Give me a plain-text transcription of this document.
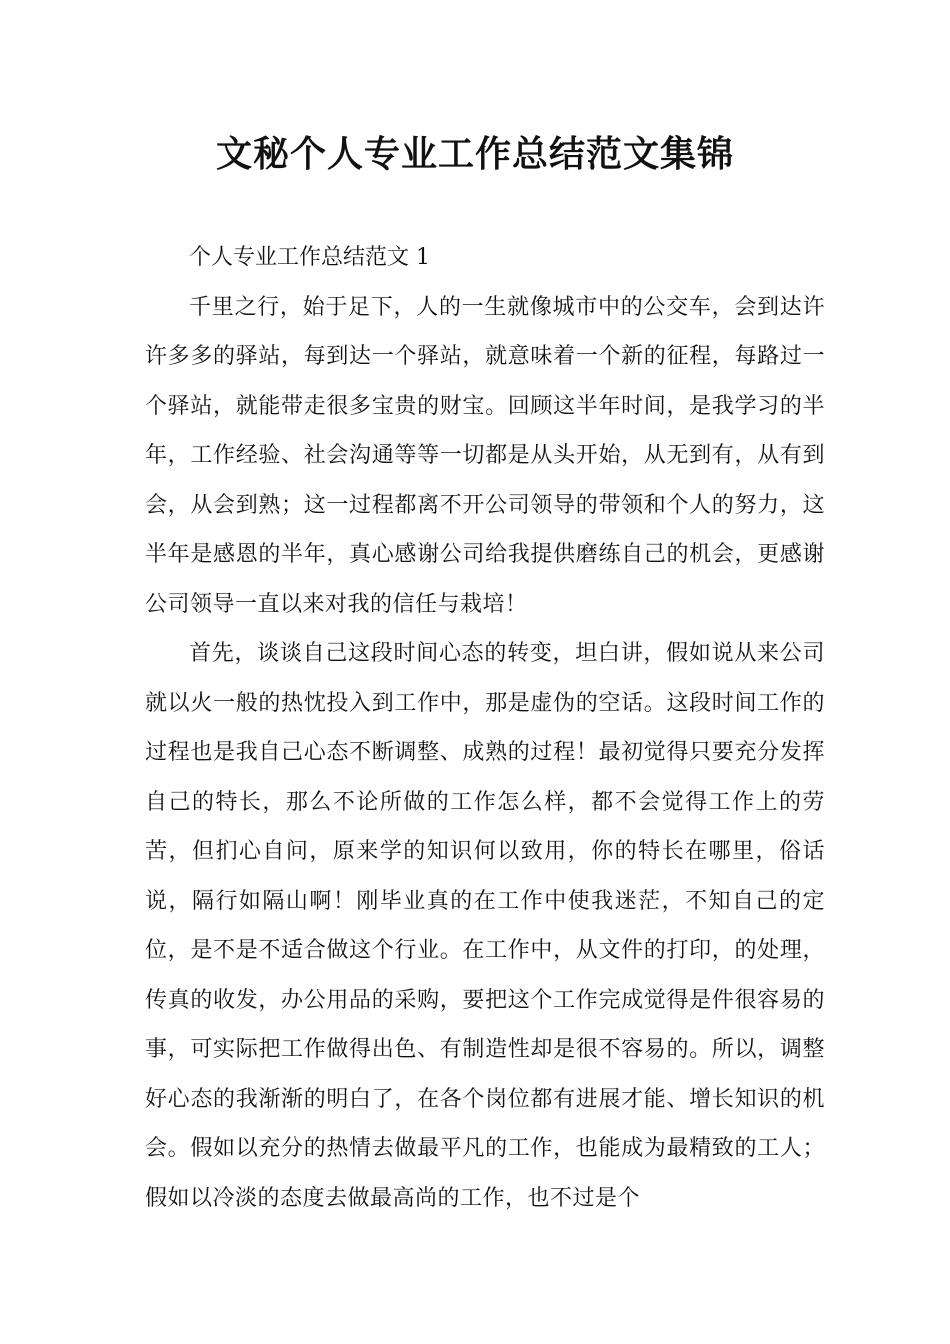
文秘个人专业工作总结范文集锦

个人专业工作总结范文 1

千里之行，始于足下，人的一生就像城市中的公交车，会到达许许多多的驿站，每到达一个驿站，就意味着一个新的征程，每路过一个驿站，就能带走很多宝贵的财宝。回顾这半年时间，是我学习的半年，工作经验、社会沟通等等一切都是从头开始，从无到有，从有到会，从会到熟；这一过程都离不开公司领导的带领和个人的努力，这半年是感恩的半年，真心感谢公司给我提供磨练自己的机会，更感谢公司领导一直以来对我的信任与栽培！

首先，谈谈自己这段时间心态的转变，坦白讲，假如说从来公司就以火一般的热忱投入到工作中，那是虚伪的空话。这段时间工作的过程也是我自己心态不断调整、成熟的过程！最初觉得只要充分发挥自己的特长，那么不论所做的工作怎么样，都不会觉得工作上的劳苦，但扪心自问，原来学的知识何以致用，你的特长在哪里，俗话说，隔行如隔山啊！刚毕业真的在工作中使我迷茫，不知自己的定位，是不是不适合做这个行业。在工作中，从文件的打印，的处理，传真的收发，办公用品的采购，要把这个工作完成觉得是件很容易的事，可实际把工作做得出色、有制造性却是很不容易的。所以，调整好心态的我渐渐的明白了，在各个岗位都有进展才能、增长知识的机会。假如以充分的热情去做最平凡的工作，也能成为最精致的工人；假如以冷淡的态度去做最高尚的工作，也不过是个
